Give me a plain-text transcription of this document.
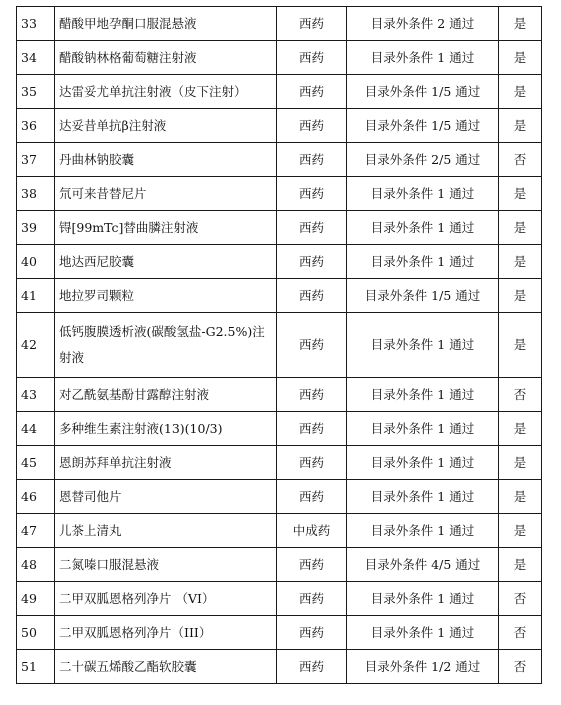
33	醋酸甲地孕酮口服混悬液	西药	目录外条件 2 通过	是
34	醋酸钠林格葡萄糖注射液	西药	目录外条件 1 通过	是
35	达雷妥尤单抗注射液（皮下注射）	西药	目录外条件 1/5 通过	是
36	达妥昔单抗β注射液	西药	目录外条件 1/5 通过	是
37	丹曲林钠胶囊	西药	目录外条件 2/5 通过	否
38	氘可来昔替尼片	西药	目录外条件 1 通过	是
39	锝[99mTc]替曲膦注射液	西药	目录外条件 1 通过	是
40	地达西尼胶囊	西药	目录外条件 1 通过	是
41	地拉罗司颗粒	西药	目录外条件 1/5 通过	是
42	低钙腹膜透析液(碳酸氢盐-G2.5%)注射液	西药	目录外条件 1 通过	是
43	对乙酰氨基酚甘露醇注射液	西药	目录外条件 1 通过	否
44	多种维生素注射液(13)(10/3)	西药	目录外条件 1 通过	是
45	恩朗苏拜单抗注射液	西药	目录外条件 1 通过	是
46	恩替司他片	西药	目录外条件 1 通过	是
47	儿茶上清丸	中成药	目录外条件 1 通过	是
48	二氮嗪口服混悬液	西药	目录外条件 4/5 通过	是
49	二甲双胍恩格列净片 （VI）	西药	目录外条件 1 通过	否
50	二甲双胍恩格列净片（III）	西药	目录外条件 1 通过	否
51	二十碳五烯酸乙酯软胶囊	西药	目录外条件 1/2 通过	否
